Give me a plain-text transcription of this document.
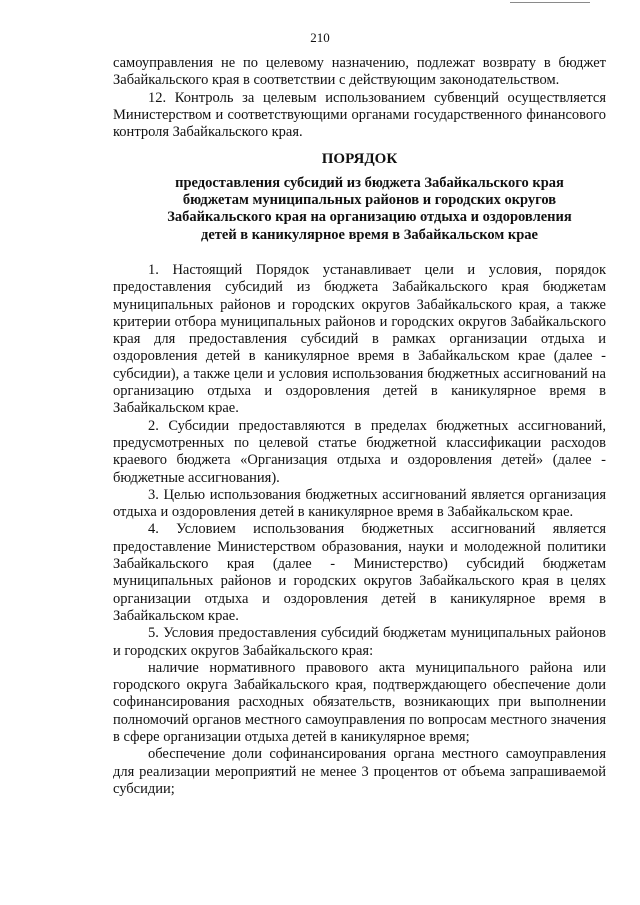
210

самоуправления не по целевому назначению, подлежат возврату в бюджет Забайкальского края в соответствии с действующим законодательством.

12. Контроль за целевым использованием субвенций осуществляется Министерством и соответствующими органами государственного финансового контроля Забайкальского края.

ПОРЯДОК
предоставления субсидий из бюджета Забайкальского края бюджетам муниципальных районов и городских округов Забайкальского края на организацию отдыха и оздоровления детей в каникулярное время в Забайкальском крае

1. Настоящий Порядок устанавливает цели и условия, порядок предоставления субсидий из бюджета Забайкальского края бюджетам муниципальных районов и городских округов Забайкальского края, а также критерии отбора муниципальных районов и городских округов Забайкальского края для предоставления субсидий в рамках организации отдыха и оздоровления детей в каникулярное время в Забайкальском крае (далее - субсидии), а также цели и условия использования бюджетных ассигнований на организацию отдыха и оздоровления детей в каникулярное время в Забайкальском крае.

2. Субсидии предоставляются в пределах бюджетных ассигнований, предусмотренных по целевой статье бюджетной классификации расходов краевого бюджета «Организация отдыха и оздоровления детей» (далее - бюджетные ассигнования).

3. Целью использования бюджетных ассигнований является организация отдыха и оздоровления детей в каникулярное время в Забайкальском крае.

4. Условием использования бюджетных ассигнований является предоставление Министерством образования, науки и молодежной политики Забайкальского края (далее - Министерство) субсидий бюджетам муниципальных районов и городских округов Забайкальского края в целях организации отдыха и оздоровления детей в каникулярное время в Забайкальском крае.

5. Условия предоставления субсидий бюджетам муниципальных районов и городских округов Забайкальского края:

наличие нормативного правового акта муниципального района или городского округа Забайкальского края, подтверждающего обеспечение доли софинансирования расходных обязательств, возникающих при выполнении полномочий органов местного самоуправления по вопросам местного значения в сфере организации отдыха детей в каникулярное время;

обеспечение доли софинансирования органа местного самоуправления для реализации мероприятий не менее 3 процентов от объема запрашиваемой субсидии;
